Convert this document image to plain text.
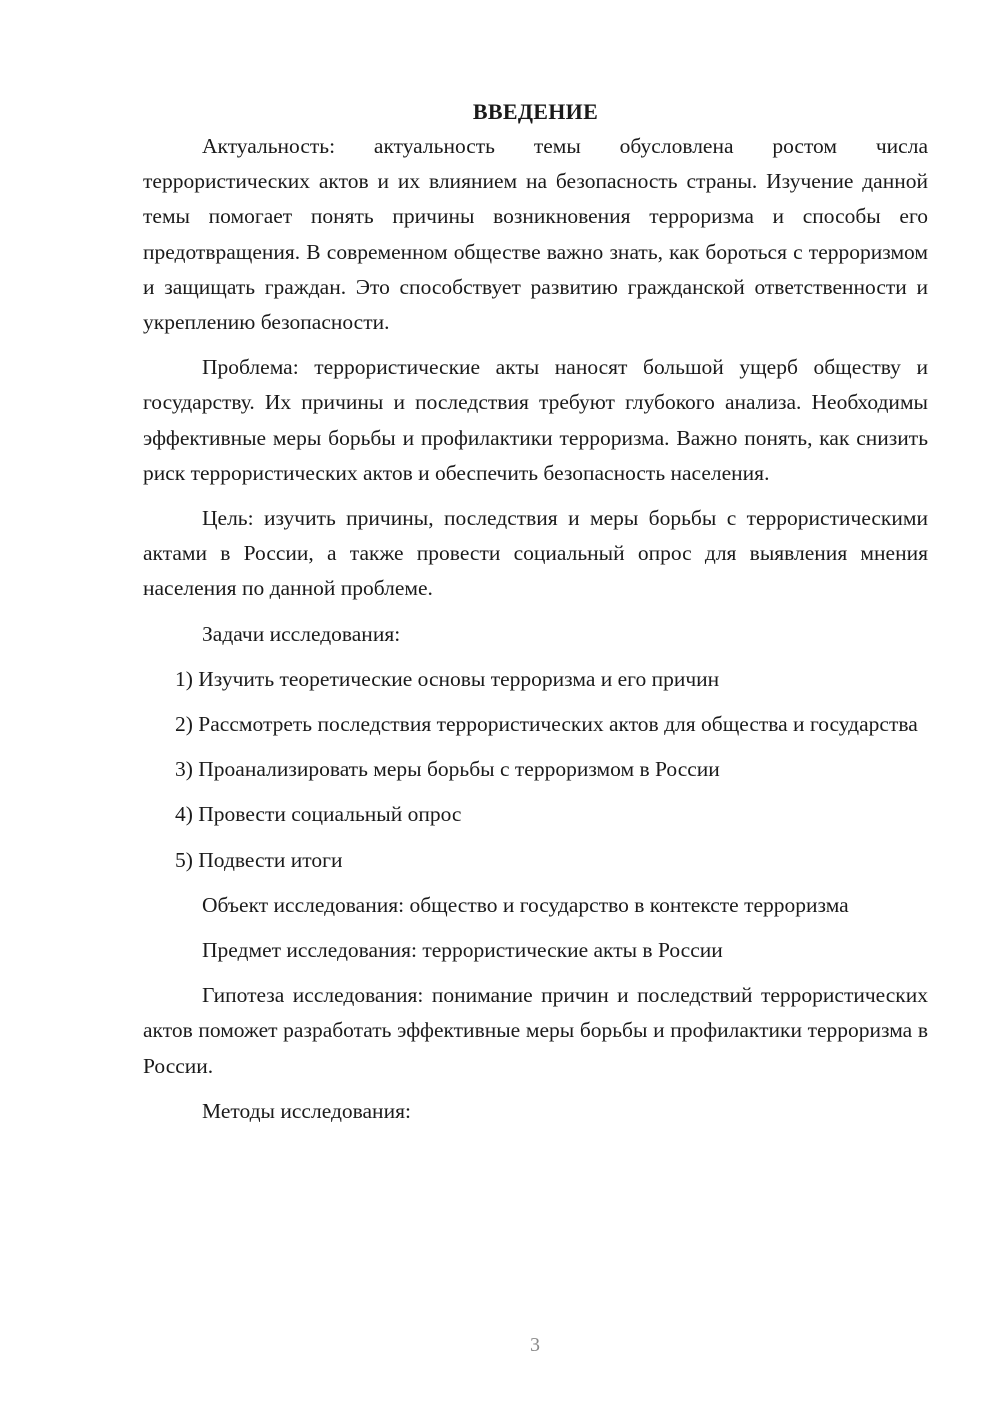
ВВЕДЕНИЕ

Актуальность: актуальность темы обусловлена ростом числа террористических актов и их влиянием на безопасность страны. Изучение данной темы помогает понять причины возникновения терроризма и способы его предотвращения. В современном обществе важно знать, как бороться с терроризмом и защищать граждан. Это способствует развитию гражданской ответственности и укреплению безопасности.

Проблема: террористические акты наносят большой ущерб обществу и государству. Их причины и последствия требуют глубокого анализа. Необходимы эффективные меры борьбы и профилактики терроризма. Важно понять, как снизить риск террористических актов и обеспечить безопасность населения.

Цель: изучить причины, последствия и меры борьбы с террористическими актами в России, а также провести социальный опрос для выявления мнения населения по данной проблеме.

Задачи исследования:

1) Изучить теоретические основы терроризма и его причин

2) Рассмотреть последствия террористических актов для общества и государства

3) Проанализировать меры борьбы с терроризмом в России

4) Провести социальный опрос

5) Подвести итоги

Объект исследования: общество и государство в контексте терроризма

Предмет исследования: террористические акты в России

Гипотеза исследования: понимание причин и последствий террористических актов поможет разработать эффективные меры борьбы и профилактики терроризма в России.

Методы исследования:

3
